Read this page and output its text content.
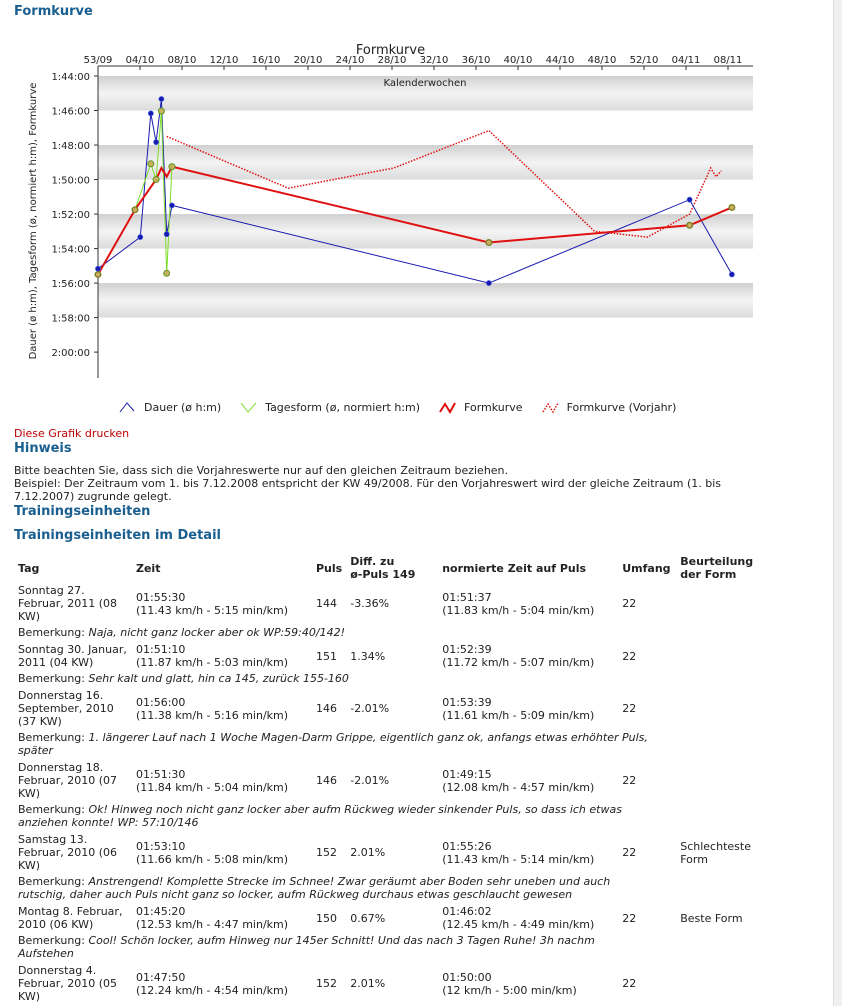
Formkurve
Formkurve
53/09 04/10 08/10 12/10 16/10 20/10 24/10 28/10 32/10 36/10 40/10 44/10 48/10 52/10 04/11 08/11
1:44:00
1:46:00
1:48:00
1:50:00
1:52:00
1:54:00
1:56:00
1:58:00
2:00:00
Kalenderwochen
Dauer (ø h:m), Tagesform (ø, normiert h:m), Formkurve
Dauer (ø h:m)	Tagesform (ø, normiert h:m)	Formkurve	Formkurve (Vorjahr)
Diese Grafik drucken
Hinweis
Bitte beachten Sie, dass sich die Vorjahreswerte nur auf den gleichen Zeitraum beziehen.
Beispiel: Der Zeitraum vom 1. bis 7.12.2008 entspricht der KW 49/2008. Für den Vorjahreswert wird der gleiche Zeitraum (1. bis
7.12.2007) zugrunde gelegt.
Trainingseinheiten
Trainingseinheiten im Detail
Tag	Zeit	Puls	Diff. zu
ø-Puls 149	normierte Zeit auf Puls	Umfang	Beurteilung
der Form

Sonntag 27.
Februar, 2011 (08
KW)	01:55:30
(11.43 km/h - 5:15 min/km)	144	-3.36%	01:51:37
(11.83 km/h - 5:04 min/km)	22	

Bemerkung: Naja, nicht ganz locker aber ok WP:59:40/142!						

Sonntag 30. Januar,
2011 (04 KW)	01:51:10
(11.87 km/h - 5:03 min/km)	151	1.34%	01:52:39
(11.72 km/h - 5:07 min/km)	22	

Bemerkung: Sehr kalt und glatt, hin ca 145, zurück 155-160						

Donnerstag 16.
September, 2010
(37 KW)	01:56:00
(11.38 km/h - 5:16 min/km)	146	-2.01%	01:53:39
(11.61 km/h - 5:09 min/km)	22	

Bemerkung: 1. längerer Lauf nach 1 Woche Magen-Darm Grippe, eigentlich ganz ok, anfangs etwas erhöhter Puls,
später						

Donnerstag 18.
Februar, 2010 (07
KW)	01:51:30
(11.84 km/h - 5:04 min/km)	146	-2.01%	01:49:15
(12.08 km/h - 4:57 min/km)	22	

Bemerkung: Ok! Hinweg noch nicht ganz locker aber aufm Rückweg wieder sinkender Puls, so dass ich etwas
anziehen konnte! WP: 57:10/146						

Samstag 13.
Februar, 2010 (06
KW)	01:53:10
(11.66 km/h - 5:08 min/km)	152	2.01%	01:55:26
(11.43 km/h - 5:14 min/km)	22	Schlechteste Form

Bemerkung: Anstrengend! Komplette Strecke im Schnee! Zwar geräumt aber Boden sehr uneben und auch
rutschig, daher auch Puls nicht ganz so locker, aufm Rückweg durchaus etwas geschlaucht gewesen						

Montag 8. Februar,
2010 (06 KW)	01:45:20
(12.53 km/h - 4:47 min/km)	150	0.67%	01:46:02
(12.45 km/h - 4:49 min/km)	22	Beste Form

Bemerkung: Cool! Schön locker, aufm Hinweg nur 145er Schnitt! Und das nach 3 Tagen Ruhe! 3h nachm
Aufstehen						

Donnerstag 4.
Februar, 2010 (05
KW)	01:47:50
(12.24 km/h - 4:54 min/km)	152	2.01%	01:50:00
(12 km/h - 5:00 min/km)	22	
